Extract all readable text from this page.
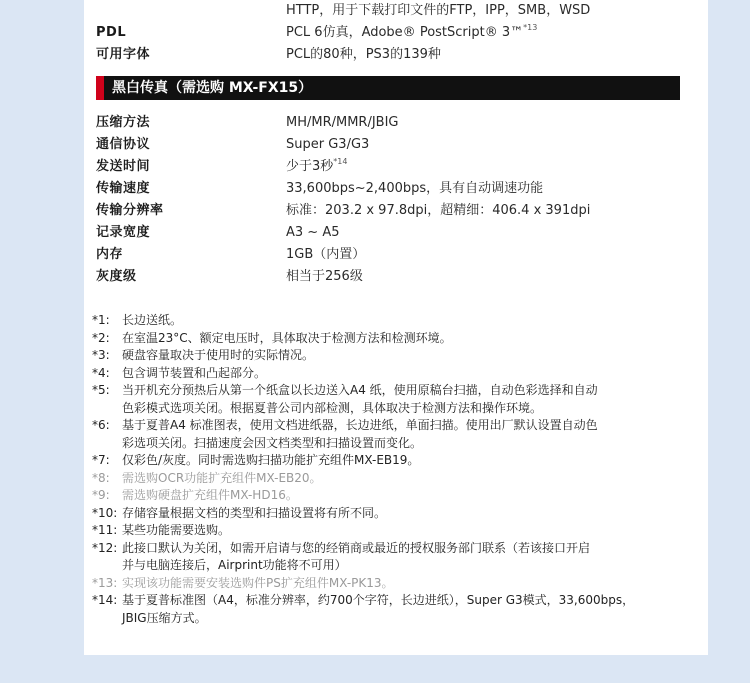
HTTP，用于下载打印文件的FTP，IPP，SMB，WSD
PDL	PCL 6仿真，Adobe® PostScript® 3™$^{*13}$
可用字体	PCL的80种，PS3的139种
黑白传真（需选购 MX-FX15）
压缩方法	MH/MR/MMR/JBIG
通信协议	Super G3/G3
发送时间	少于3秒$^{*14}$
传输速度	33,600bps~2,400bps，具有自动调速功能
传输分辨率	标准：203.2 x 97.8dpi，超精细：406.4 x 391dpi
记录宽度	A3 ~ A5
内存	1GB（内置）
灰度级	相当于256级
*1: 长边送纸。
*2: 在室温23°C、额定电压时，具体取决于检测方法和检测环境。
*3: 硬盘容量取决于使用时的实际情况。
*4: 包含调节装置和凸起部分。
*5: 当开机充分预热后从第一个纸盒以长边送入A4 纸，使用原稿台扫描，自动色彩选择和自动
色彩模式选项关闭。根据夏普公司内部检测，具体取决于检测方法和操作环境。
*6: 基于夏普A4 标准图表，使用文档进纸器，长边进纸，单面扫描。使用出厂默认设置自动色
彩选项关闭。扫描速度会因文档类型和扫描设置而变化。
*7: 仅彩色/灰度。同时需选购扫描功能扩充组件MX-EB19。
*8: 需选购OCR功能扩充组件MX-EB20。
*9: 需选购硬盘扩充组件MX-HD16。
*10: 存储容量根据文档的类型和扫描设置将有所不同。
*11: 某些功能需要选购。
*12: 此接口默认为关闭，如需开启请与您的经销商或最近的授权服务部门联系（若该接口开启
并与电脑连接后，Airprint功能将不可用）
*13: 实现该功能需要安装选购件PS扩充组件MX-PK13。
*14: 基于夏普标准图（A4，标准分辨率，约700个字符，长边进纸），Super G3模式，33,600bps，
JBIG压缩方式。
